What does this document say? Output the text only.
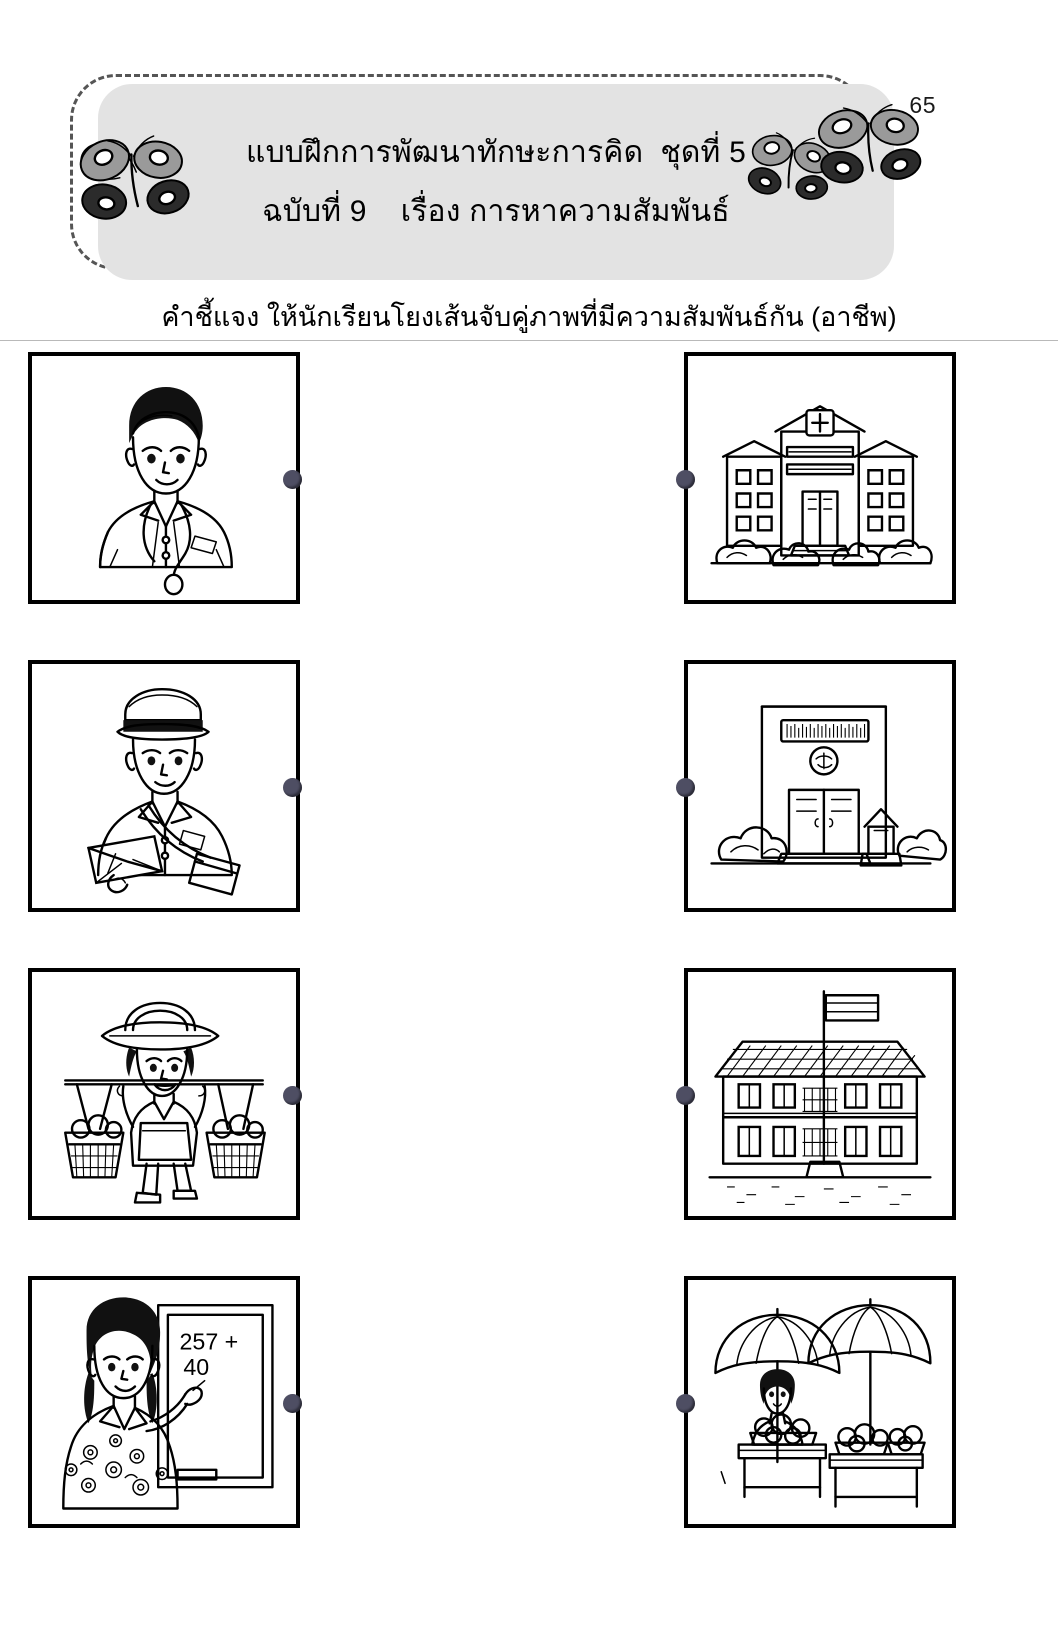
65
แบบฝึกการพัฒนาทักษะการคิด  ชุดที่ 5
ฉบับที่ 9    เรื่อง การหาความสัมพันธ์
คำชี้แจง ให้นักเรียนโยงเส้นจับคู่ภาพที่มีความสัมพันธ์กัน (อาชีพ)
257 +
40
